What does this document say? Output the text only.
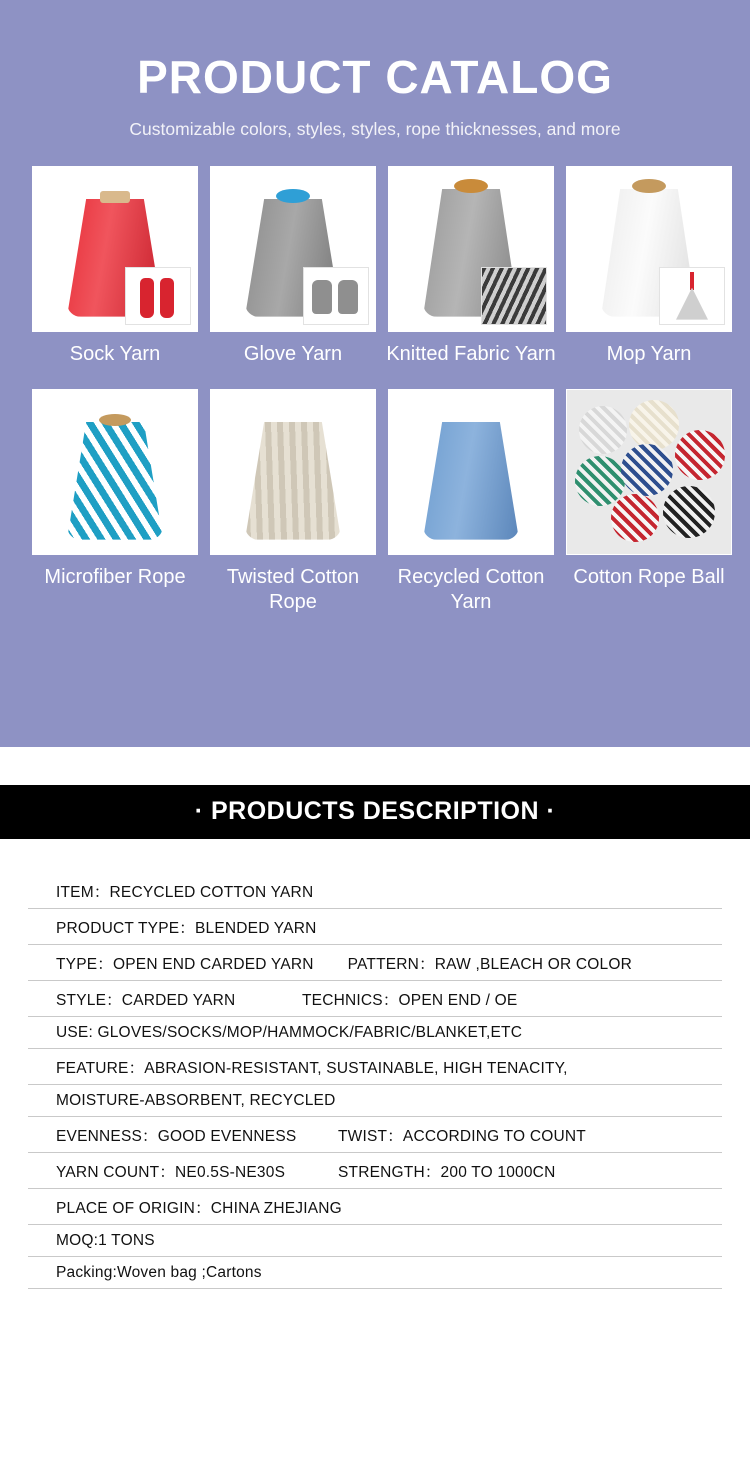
PRODUCT CATALOG

Customizable colors, styles, styles, rope thicknesses, and more

Sock Yarn	Glove Yarn	Knitted Fabric Yarn	Mop Yarn
Microfiber Rope	Twisted Cotton Rope
Recycled Cotton Yarn
Cotton Rope Ball
· PRODUCTS DESCRIPTION ·
ITEM：RECYCLED COTTON YARN
PRODUCT TYPE：BLENDED YARN
TYPE：OPEN END CARDED YARN PATTERN：RAW ,BLEACH OR COLOR
STYLE：CARDED YARN	TECHNICS：OPEN END / OE
USE: GLOVES/SOCKS/MOP/HAMMOCK/FABRIC/BLANKET,ETC
FEATURE：ABRASION-RESISTANT, SUSTAINABLE, HIGH TENACITY,
MOISTURE-ABSORBENT, RECYCLED
EVENNESS：GOOD EVENNESS	TWIST：ACCORDING TO COUNT
YARN COUNT：NE0.5S-NE30S	STRENGTH：200 TO 1000CN
PLACE OF ORIGIN：CHINA ZHEJIANG
MOQ:1 TONS
Packing:Woven bag ;Cartons
